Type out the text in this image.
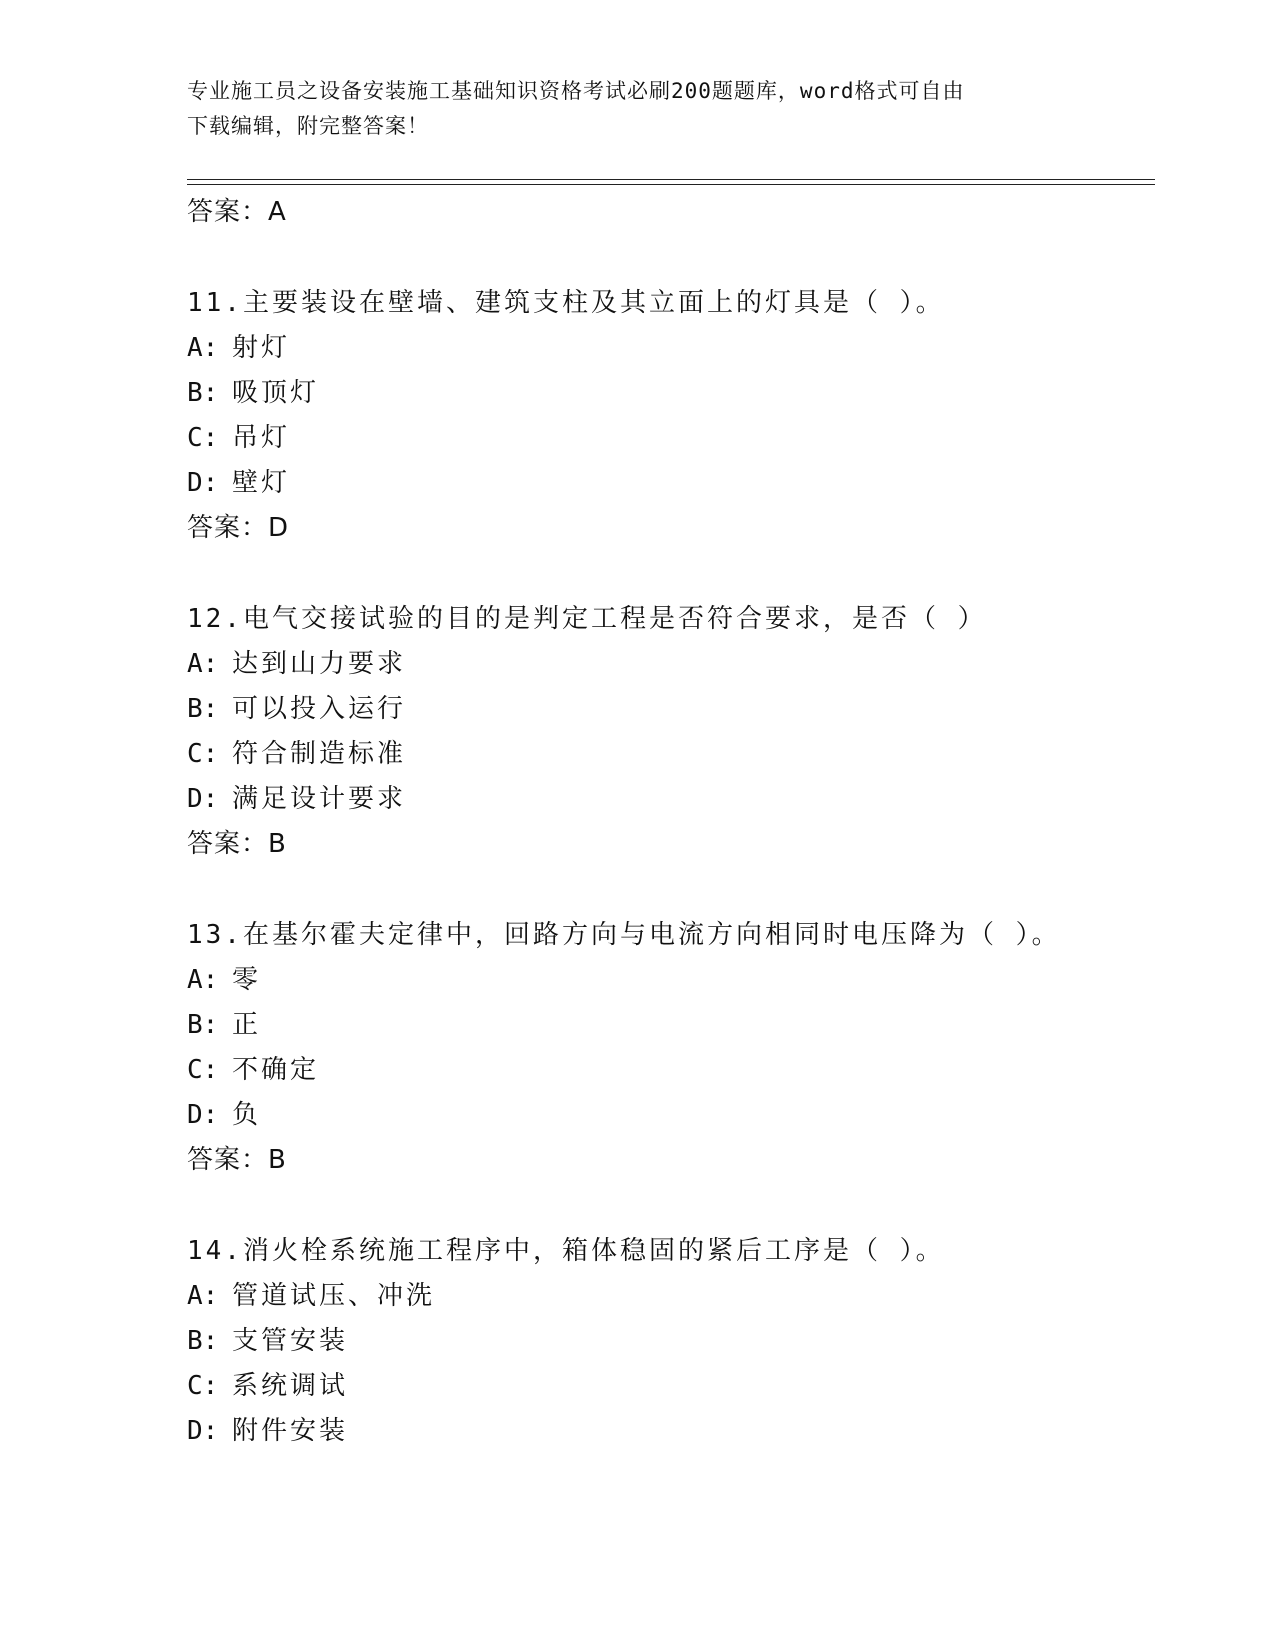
专业施工员之设备安装施工基础知识资格考试必刷200题题库，word格式可自由
下载编辑，附完整答案！
答案：A
11.主要装设在壁墙、建筑支柱及其立面上的灯具是（ ）。
A: 射灯
B: 吸顶灯
C: 吊灯
D: 壁灯
答案：D
12.电气交接试验的目的是判定工程是否符合要求，是否（ ）
A: 达到山力要求
B: 可以投入运行
C: 符合制造标准
D: 满足设计要求
答案：B
13.在基尔霍夫定律中，回路方向与电流方向相同时电压降为（ ）。
A: 零
B: 正
C: 不确定
D: 负
答案：B
14.消火栓系统施工程序中，箱体稳固的紧后工序是（ ）。
A: 管道试压、冲洗
B: 支管安装
C: 系统调试
D: 附件安装
